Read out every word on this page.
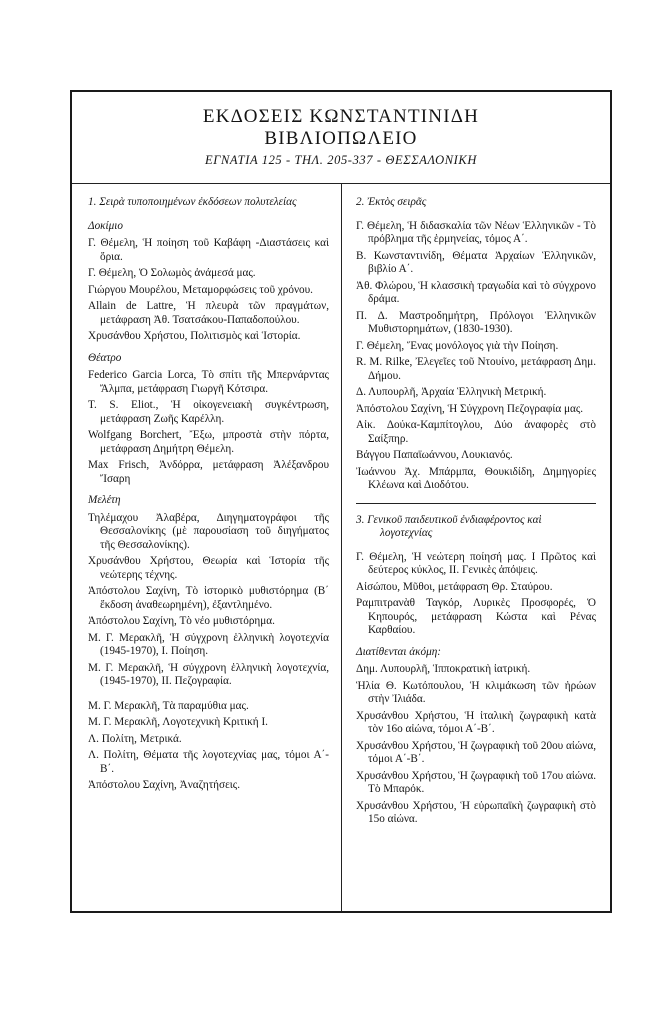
ΕΚΔΟΣΕΙΣ ΚΩΝΣΤΑΝΤΙΝΙΔΗ
ΒΙΒΛΙΟΠΩΛΕΙΟ
ΕΓΝΑΤΙΑ 125 - ΤΗΛ. 205-337 - ΘΕΣΣΑΛΟΝΙΚΗ
1. Σειρὰ τυποποιημένων ἐκδόσεων πολυτελείας
Δοκίμιο

Γ. Θέμελη, Ἡ ποίηση τοῦ Καβάφη -Διαστάσεις καὶ ὅρια.

Γ. Θέμελη, Ὁ Σολωμὸς ἀνάμεσά μας.

Γιώργου Μουρέλου, Μεταμορφώσεις τοῦ χρόνου.

Allain de Lattre, Ἡ πλευρὰ τῶν πραγμάτων, μετάφραση Ἀθ. Τσατσάκου-Παπαδοπούλου.

Χρυσάνθου Χρήστου, Πολιτισμὸς καὶ Ἱστορία.

Θέατρο

Federico Garcia Lorca, Τὸ σπίτι τῆς Μπερνάρντας Ἄλμπα, μετάφραση Γιωργῆ Κότσιρα.

T. S. Eliot., Ἡ οἰκογενειακὴ συγκέντρωση, μετάφραση Ζωῆς Καρέλλη.

Wolfgang Borchert, Ἔξω, μπροστὰ στὴν πόρτα, μετάφραση Δημήτρη Θέμελη.

Max Frisch, Ἀνδόρρα, μετάφραση Ἀλέξανδρου Ἴσαρη

Μελέτη

Τηλέμαχου Ἀλαβέρα, Διηγηματογράφοι τῆς Θεσσαλονίκης (μὲ παρουσίαση τοῦ διηγήματος τῆς Θεσσαλονίκης).

Χρυσάνθου Χρήστου, Θεωρία καὶ Ἱστορία τῆς νεώτερης τέχνης.

Ἀπόστολου Σαχίνη, Τὸ ἱστορικὸ μυθιστόρημα (Β΄ ἔκδοση ἀναθεωρημένη), ἐξαντλημένο.

Ἀπόστολου Σαχίνη, Τὸ νέο μυθιστόρημα.

Μ. Γ. Μερακλῆ, Ἡ σύγχρονη ἑλληνικὴ λογοτεχνία (1945-1970), Ι. Ποίηση.

Μ. Γ. Μερακλῆ, Ἡ σύγχρονη ἑλληνικὴ λογοτεχνία, (1945-1970), ΙΙ. Πεζογραφία.

Μ. Γ. Μερακλῆ, Τὰ παραμύθια μας.

Μ. Γ. Μερακλῆ, Λογοτεχνικὴ Κριτική Ι.

Λ. Πολίτη, Μετρικά.

Λ. Πολίτη, Θέματα τῆς λογοτεχνίας μας, τόμοι Α΄-Β΄.

Ἀπόστολου Σαχίνη, Ἀναζητήσεις.

2. Ἐκτὸς σειρᾶς

Γ. Θέμελη, Ἡ διδασκαλία τῶν Νέων Ἑλληνικῶν - Τὸ πρόβλημα τῆς ἑρμηνείας, τόμος Α΄.

Β. Κωνσταντινίδη, Θέματα Ἀρχαίων Ἑλληνικῶν, βιβλίο Α΄.

Ἀθ. Φλώρου, Ἡ κλασσικὴ τραγωδία καὶ τὸ σύγχρονο δράμα.

Π. Δ. Μαστροδημήτρη, Πρόλογοι Ἑλληνικῶν Μυθιστορημάτων, (1830-1930).

Γ. Θέμελη, Ἕνας μονόλογος γιὰ τὴν Ποίηση.

R. M. Rilke, Ἐλεγεῖες τοῦ Ντουίνο, μετάφραση Δημ. Δήμου.

Δ. Λυπουρλῆ, Ἀρχαία Ἑλληνικὴ Μετρική.

Ἀπόστολου Σαχίνη, Ἡ Σύγχρονη Πεζογραφία μας.

Αἰκ. Δούκα-Καμπίτογλου, Δύο ἀναφορὲς στὸ Σαίξπηρ.

Βάγγου Παπαϊωάννου, Λουκιανός.

Ἰωάννου Ἀχ. Μπάρμπα, Θουκιδίδη, Δημηγορίες Κλέωνα καὶ Διοδότου.

3. Γενικοῦ παιδευτικοῦ ἐνδιαφέροντος καὶ λογοτεχνίας

Γ. Θέμελη, Ἡ νεώτερη ποίησή μας. Ι Πρῶτος καὶ δεύτερος κύκλος, ΙΙ. Γενικὲς ἀπόψεις.

Αἰσώπου, Μῦθοι, μετάφραση Θρ. Σταύρου.

Ραμπιτρανὰθ Ταγκόρ, Λυρικὲς Προσφορές, Ὁ Κηπουρός, μετάφραση Κώστα καὶ Ρένας Καρθαίου.

Διατίθενται ἀκόμη:

Δημ. Λυπουρλῆ, Ἱπποκρατικὴ ἰατρική.

Ἡλία Θ. Κωτόπουλου, Ἡ κλιμάκωση τῶν ἡρώων στὴν Ἰλιάδα.

Χρυσάνθου Χρήστου, Ἡ ἰταλικὴ ζωγραφικὴ κατὰ τὸν 16ο αἰώνα, τόμοι Α΄-Β΄.

Χρυσάνθου Χρήστου, Ἡ ζωγραφικὴ τοῦ 20ου αἰώνα, τόμοι Α΄-Β΄.

Χρυσάνθου Χρήστου, Ἡ ζωγραφικὴ τοῦ 17ου αἰώνα. Τὸ Μπαρόκ.

Χρυσάνθου Χρήστου, Ἡ εὐρωπαϊκὴ ζωγραφικὴ στὸ 15ο αἰώνα.
